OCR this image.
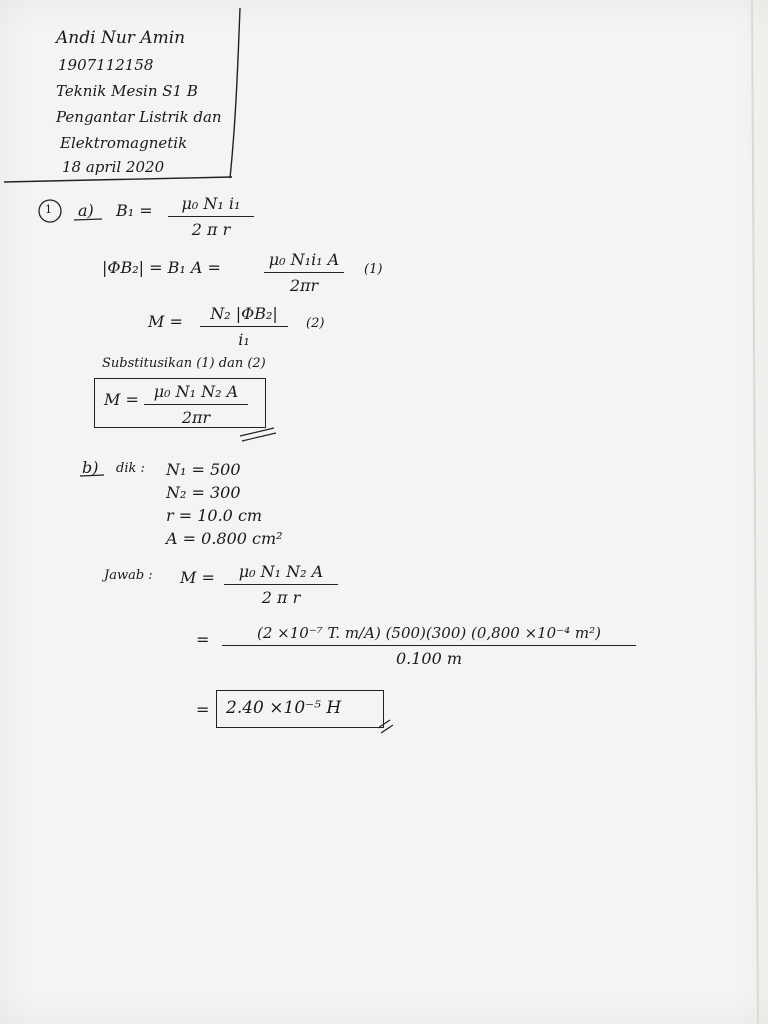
Andi Nur Amin
1907112158
Teknik Mesin S1 B
Pengantar Listrik dan
Elektromagnetik
18 april 2020
1 a) B₁ = μ₀ N₁ i₁
2 π r
|ΦB₂| = B₁ A =	μ₀ N₁i₁ A
2πr
(1)
M = N₂ |ΦB₂|
i₁
(2)
Substitusikan (1) dan (2)
M = μ₀ N₁ N₂ A
2πr
b) dik : N₁ = 500
N₂ = 300
r = 10.0 cm
A = 0.800 cm²
Jawab : M = μ₀ N₁ N₂ A
2 π r
=	(2 ×10⁻⁷ T. m/A) (500)(300) (0,800 ×10⁻⁴ m²)
0.100 m
= 2.40 ×10⁻⁵ H
